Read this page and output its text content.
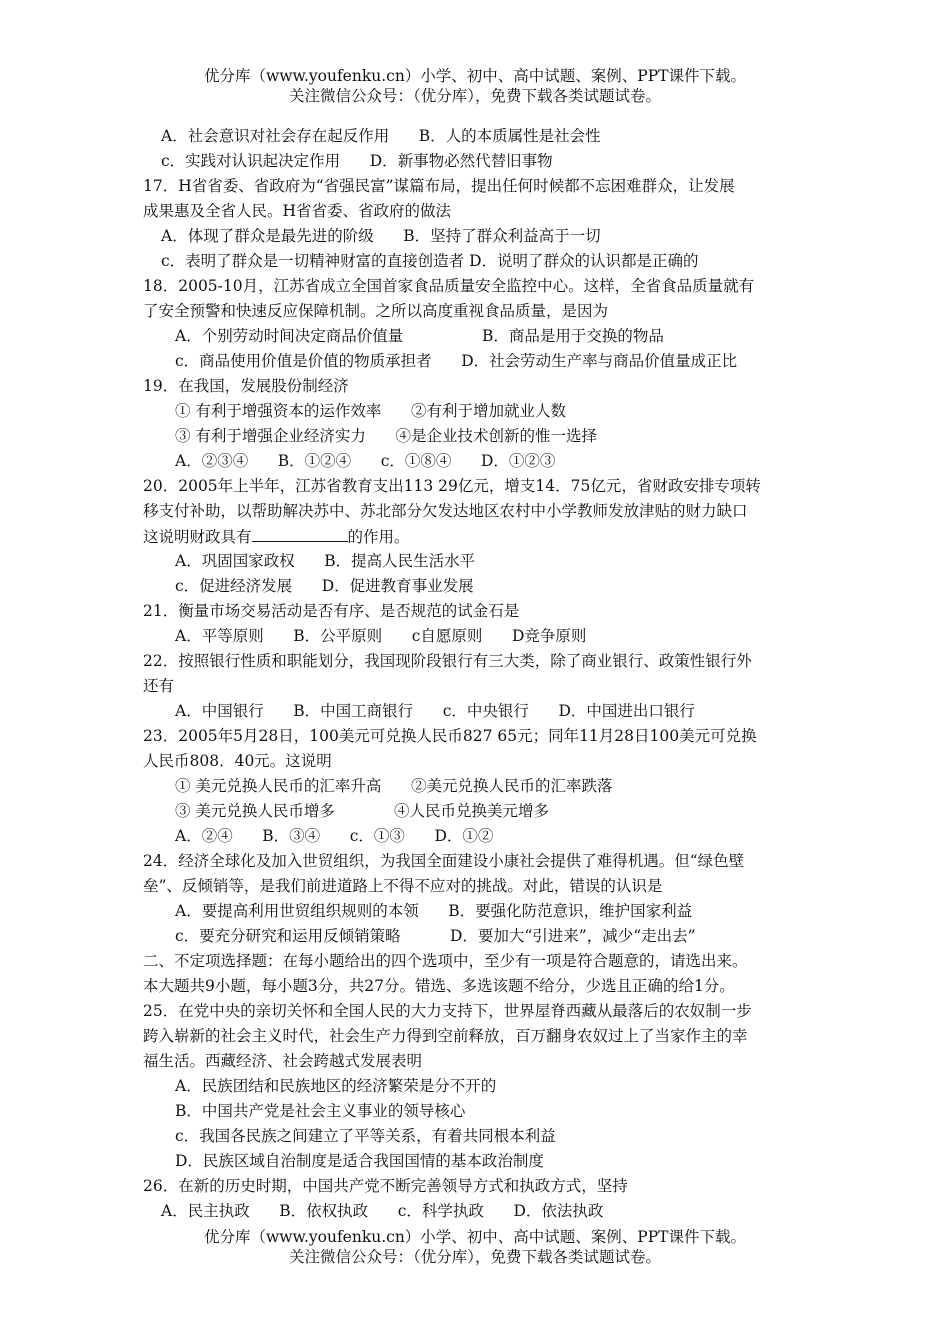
优分库（www.youfenku.cn）小学、初中、高中试题、案例、PPT课件下载。
关注微信公众号：（优分库），免费下载各类试题试卷。
A．社会意识对社会存在起反作用      B．人的本质属性是社会性
c．实践对认识起决定作用      D．新事物必然代替旧事物
17．H省省委、省政府为“省强民富”谋篇布局，提出任何时候都不忘困难群众，让发展
成果惠及全省人民。H省省委、省政府的做法
A．体现了群众是最先进的阶级      B．坚持了群众利益高于一切
c．表明了群众是一切精神财富的直接创造者 D．说明了群众的认识都是正确的
18．2005-10月，江苏省成立全国首家食品质量安全监控中心。这样，全省食品质量就有
了安全预警和快速反应保障机制。之所以高度重视食品质量，是因为
A．个别劳动时间决定商品价值量                B．商品是用于交换的物品
c．商品使用价值是价值的物质承担者      D．社会劳动生产率与商品价值量成正比
19．在我国，发展股份制经济
① 有利于增强资本的运作效率      ②有利于增加就业人数
③ 有利于增强企业经济实力      ④是企业技术创新的惟一选择
A．②③④      B．①②④      c．①⑧④      D．①②③
20．2005年上半年，江苏省教育支出113 29亿元，增支14．75亿元，省财政安排专项转
移支付补助，以帮助解决苏中、苏北部分欠发达地区农村中小学教师发放津贴的财力缺口
这说明财政具有	的作用。
A．巩固国家政权      B．提高人民生活水平
c．促进经济发展      D．促进教育事业发展
21．衡量市场交易活动是否有序、是否规范的试金石是
A．平等原则      B．公平原则      c自愿原则      D竞争原则
22．按照银行性质和职能划分，我国现阶段银行有三大类，除了商业银行、政策性银行外
还有
A．中国银行      B．中国工商银行      c．中央银行      D．中国进出口银行
23．2005年5月28日，100美元可兑换人民币827 65元；同年11月28日100美元可兑换
人民币808．40元。这说明
① 美元兑换人民币的汇率升高      ②美元兑换人民币的汇率跌落
③ 美元兑换人民币增多            ④人民币兑换美元增多
A．②④      B．③④      c．①③      D．①②
24．经济全球化及加入世贸组织，为我国全面建设小康社会提供了难得机遇。但“绿色壁
垒”、反倾销等，是我们前进道路上不得不应对的挑战。对此，错误的认识是
A．要提高利用世贸组织规则的本领      B．要强化防范意识，维护国家利益
c．要充分研究和运用反倾销策略          D．要加大“引进来”，减少“走出去”
二、不定项选择题：在每小题给出的四个选项中，至少有一项是符合题意的，请选出来。
本大题共9小题，每小题3分，共27分。错选、多选该题不给分，少选且正确的给1分。
25．在党中央的亲切关怀和全国人民的大力支持下，世界屋脊西藏从最落后的农奴制一步
跨入崭新的社会主义时代，社会生产力得到空前释放，百万翻身农奴过上了当家作主的幸
福生活。西藏经济、社会跨越式发展表明
A．民族团结和民族地区的经济繁荣是分不开的
B．中国共产党是社会主义事业的领导核心
c．我国各民族之间建立了平等关系，有着共同根本利益
D．民族区域自治制度是适合我国国情的基本政治制度
26．在新的历史时期，中国共产党不断完善领导方式和执政方式，坚持
A．民主执政      B．依权执政      c．科学执政      D．依法执政
优分库（www.youfenku.cn）小学、初中、高中试题、案例、PPT课件下载。
关注微信公众号：（优分库），免费下载各类试题试卷。
